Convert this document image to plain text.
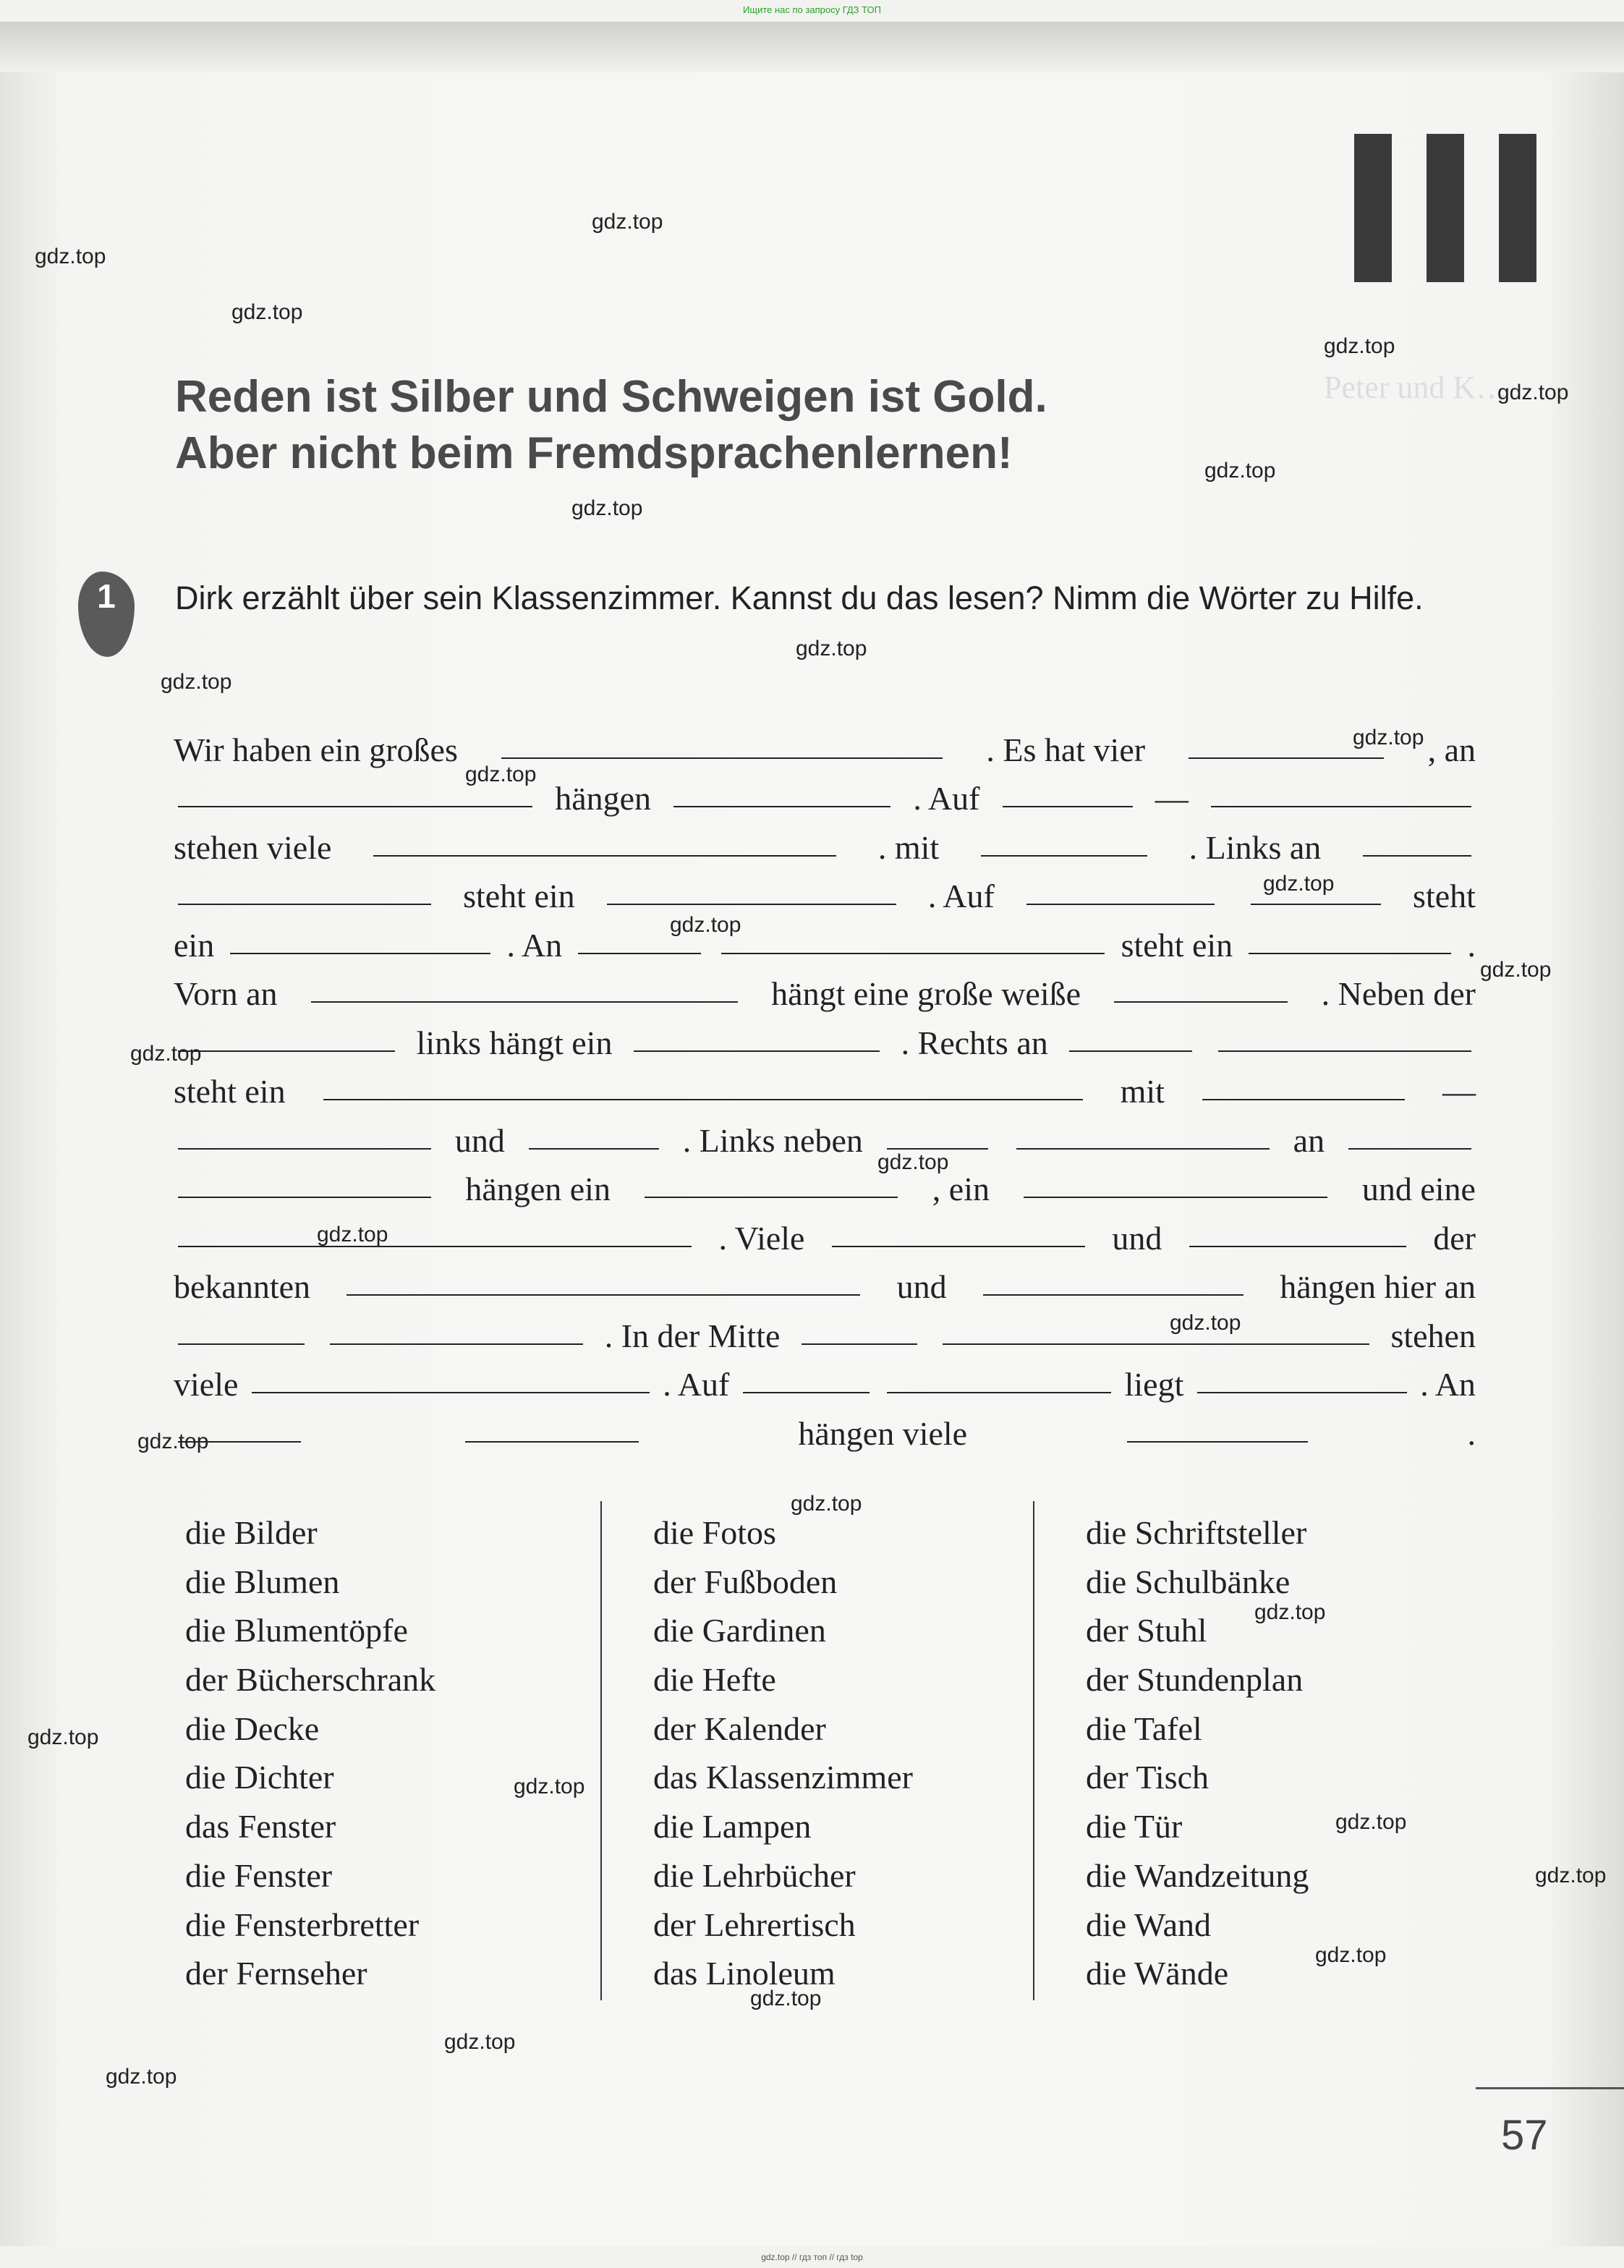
Ищите нас по запросу ГДЗ ТОП
Peter und K…
Reden ist Silber und Schweigen ist Gold.
Aber nicht beim Fremdsprachenlernen!
1	Dirk erzählt über sein Klassenzimmer. Kannst du das lesen? Nimm die Wörter zu Hilfe.
Wir haben ein großes	. Es hat vier	, an
hängen	. Auf	—
stehen viele	. mit	. Links an
steht ein	. Auf	steht
ein	. An	steht ein	.
Vorn an	hängt eine große weiße	. Neben der
links hängt ein	. Rechts an
steht ein	mit	—
und	. Links neben	an
hängen ein	, ein	und eine
. Viele	und	der
bekannten	und	hängen hier an
. In der Mitte	stehen
viele	. Auf	liegt	. An
hängen viele	.
die Bilder
die Blumen
die Blumentöpfe
der Bücherschrank
die Decke
die Dichter
das Fenster
die Fenster
die Fensterbretter
der Fernseher
die Fotos
der Fußboden
die Gardinen
die Hefte
der Kalender
das Klassenzimmer
die Lampen
die Lehrbücher
der Lehrertisch
das Linoleum
die Schriftsteller
die Schulbänke
der Stuhl
der Stundenplan
die Tafel
der Tisch
die Tür
die Wandzeitung
die Wand
die Wände
57
gdz.top
gdz.top
gdz.top
gdz.top
gdz.top
gdz.top
gdz.top
gdz.top
gdz.top
gdz.top
gdz.top
gdz.top
gdz.top
gdz.top
gdz.top
gdz.top
gdz.top
gdz.top
gdz.top
gdz.top
gdz.top
gdz.top
gdz.top
gdz.top
gdz.top
gdz.top
gdz.top
gdz.top
gdz.top
gdz.top // гдз топ // гдз top
